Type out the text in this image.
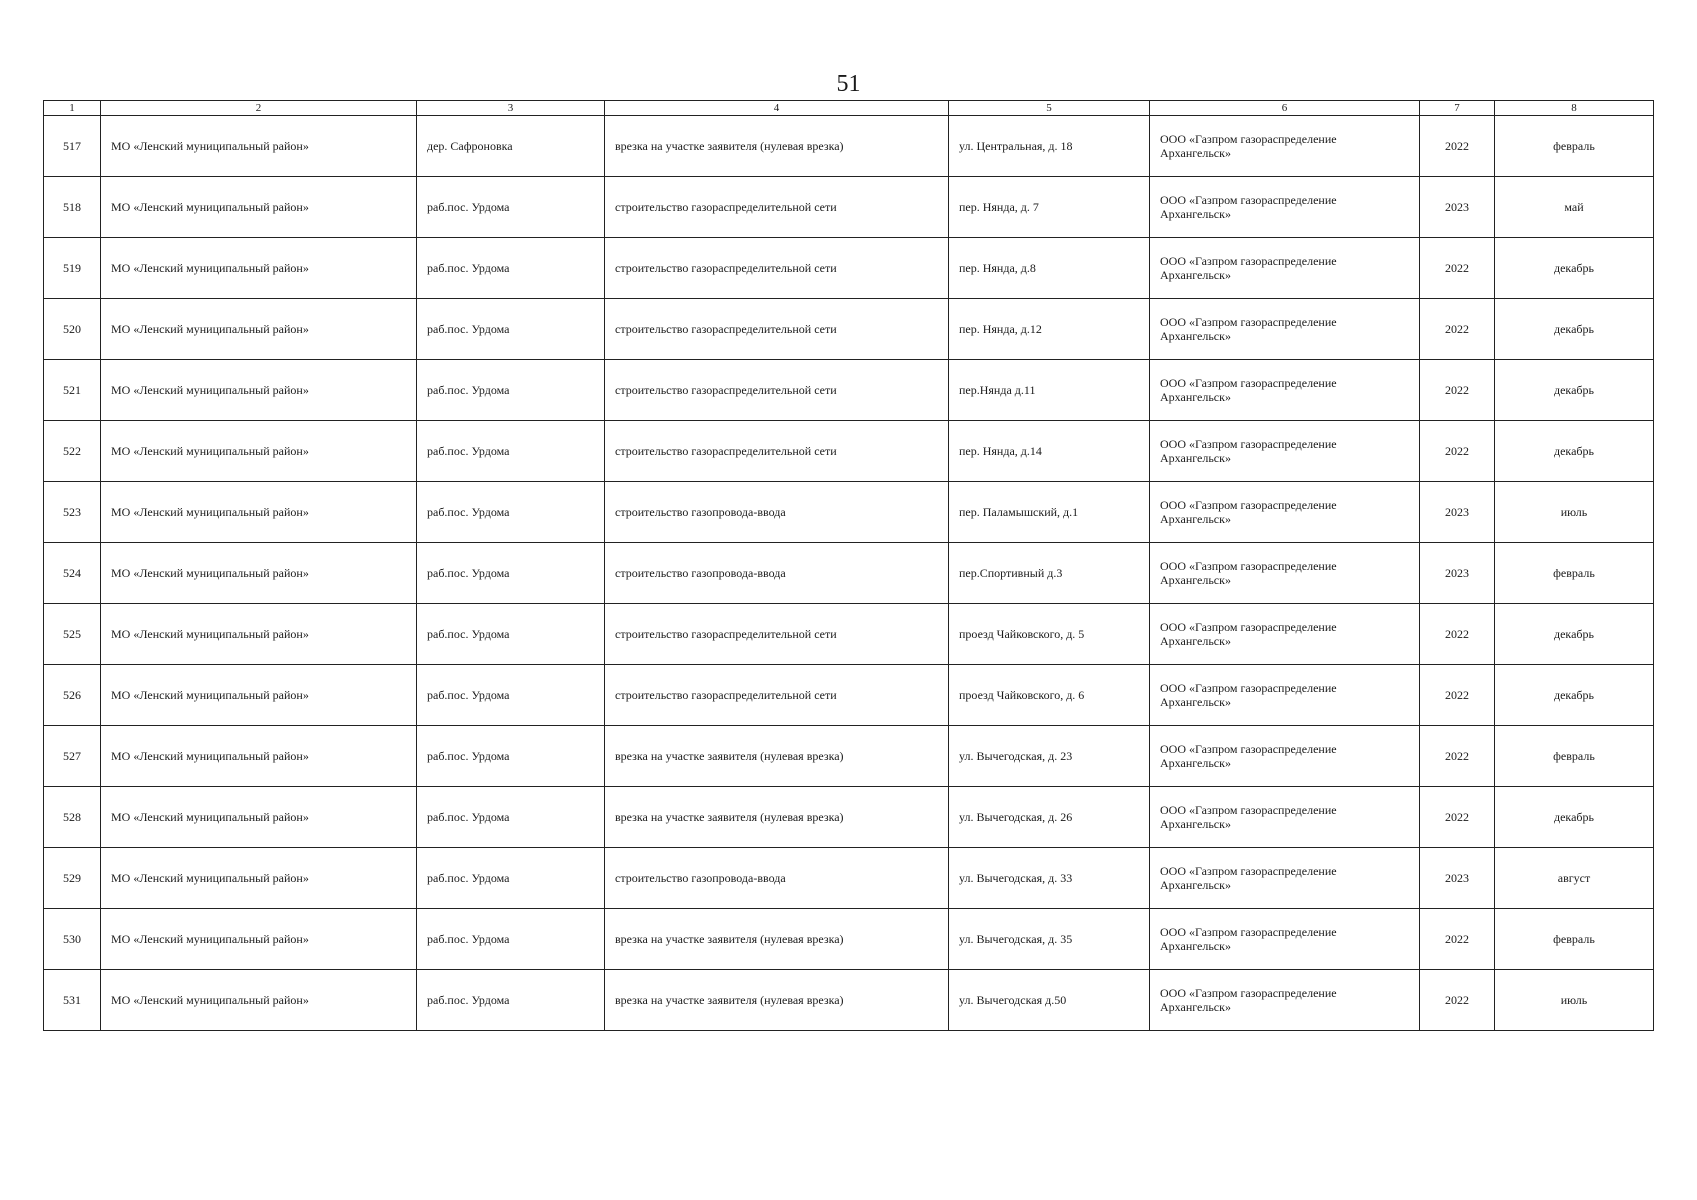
51
1	2	3	4	5	6	7	8
517	МО «Ленский муниципальный район»	дер. Сафроновка	врезка на участке заявителя (нулевая врезка)	ул. Центральная, д. 18	ООО «Газпром газораспределение
Архангельск»	2022	февраль
518	МО «Ленский муниципальный район»	раб.пос. Урдома	строительство газораспределительной сети	пер. Нянда, д. 7	ООО «Газпром газораспределение
Архангельск»	2023	май
519	МО «Ленский муниципальный район»	раб.пос. Урдома	строительство газораспределительной сети	пер. Нянда, д.8	ООО «Газпром газораспределение
Архангельск»	2022	декабрь
520	МО «Ленский муниципальный район»	раб.пос. Урдома	строительство газораспределительной сети	пер. Нянда, д.12	ООО «Газпром газораспределение
Архангельск»	2022	декабрь
521	МО «Ленский муниципальный район»	раб.пос. Урдома	строительство газораспределительной сети	пер.Нянда д.11	ООО «Газпром газораспределение
Архангельск»	2022	декабрь
522	МО «Ленский муниципальный район»	раб.пос. Урдома	строительство газораспределительной сети	пер. Нянда, д.14	ООО «Газпром газораспределение
Архангельск»	2022	декабрь
523	МО «Ленский муниципальный район»	раб.пос. Урдома	строительство газопровода-ввода	пер. Паламышский, д.1	ООО «Газпром газораспределение
Архангельск»	2023	июль
524	МО «Ленский муниципальный район»	раб.пос. Урдома	строительство газопровода-ввода	пер.Спортивный д.3	ООО «Газпром газораспределение
Архангельск»	2023	февраль
525	МО «Ленский муниципальный район»	раб.пос. Урдома	строительство газораспределительной сети	проезд Чайковского, д. 5	ООО «Газпром газораспределение
Архангельск»	2022	декабрь
526	МО «Ленский муниципальный район»	раб.пос. Урдома	строительство газораспределительной сети	проезд Чайковского, д. 6	ООО «Газпром газораспределение
Архангельск»	2022	декабрь
527	МО «Ленский муниципальный район»	раб.пос. Урдома	врезка на участке заявителя (нулевая врезка)	ул. Вычегодская, д. 23	ООО «Газпром газораспределение
Архангельск»	2022	февраль
528	МО «Ленский муниципальный район»	раб.пос. Урдома	врезка на участке заявителя (нулевая врезка)	ул. Вычегодская, д. 26	ООО «Газпром газораспределение
Архангельск»	2022	декабрь
529	МО «Ленский муниципальный район»	раб.пос. Урдома	строительство газопровода-ввода	ул. Вычегодская, д. 33	ООО «Газпром газораспределение
Архангельск»	2023	август
530	МО «Ленский муниципальный район»	раб.пос. Урдома	врезка на участке заявителя (нулевая врезка)	ул. Вычегодская, д. 35	ООО «Газпром газораспределение
Архангельск»	2022	февраль
531	МО «Ленский муниципальный район»	раб.пос. Урдома	врезка на участке заявителя (нулевая врезка)	ул. Вычегодская д.50	ООО «Газпром газораспределение
Архангельск»	2022	июль
